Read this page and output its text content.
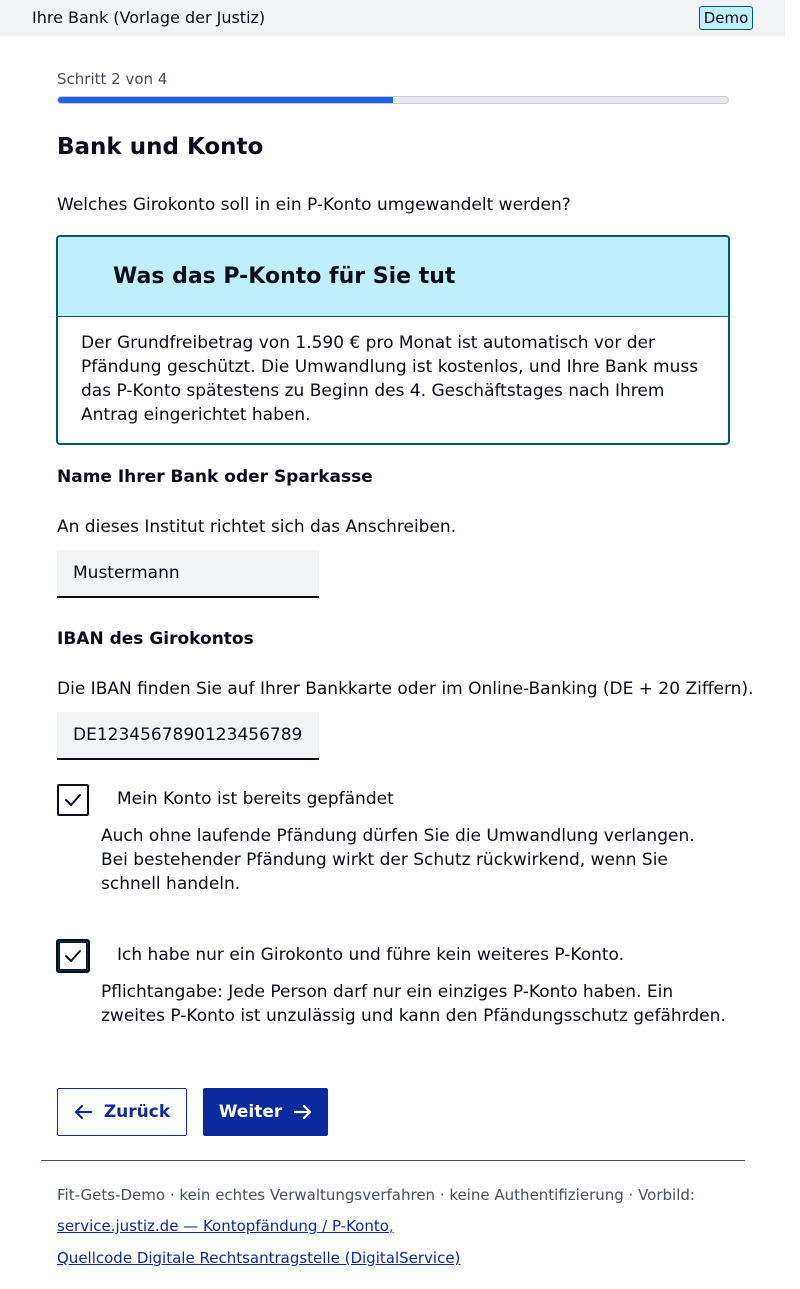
Ihre Bank (Vorlage der Justiz)	Demo
Schritt 2 von 4
Bank und Konto

Welches Girokonto soll in ein P-Konto umgewandelt werden?

Was das P-Konto für Sie tut

Der Grundfreibetrag von 1.590 € pro Monat ist automatisch vor der Pfändung geschützt. Die Umwandlung ist kostenlos, und Ihre Bank muss das P-Konto spätestens zu Beginn des 4. Geschäftstages nach Ihrem Antrag eingerichtet haben.

Name Ihrer Bank oder Sparkasse

An dieses Institut richtet sich das Anschreiben.

Mustermann
IBAN des Girokontos

Die IBAN finden Sie auf Ihrer Bankkarte oder im Online-Banking (DE + 20 Ziffern).

DE12345678901234567890
Mein Konto ist bereits gepfändet

Auch ohne laufende Pfändung dürfen Sie die Umwandlung verlangen. Bei bestehender Pfändung wirkt der Schutz rückwirkend, wenn Sie schnell handeln.

Ich habe nur ein Girokonto und führe kein weiteres P-Konto.

Pflichtangabe: Jede Person darf nur ein einziges P-Konto haben. Ein zweites P-Konto ist unzulässig und kann den Pfändungsschutz gefährden.

Zurück	Weiter

Fit-Gets-Demo · kein echtes Verwaltungsverfahren · keine Authentifizierung · Vorbild:

service.justiz.de — Kontopfändung / P-Konto,
Quellcode Digitale Rechtsantragstelle (DigitalService)
